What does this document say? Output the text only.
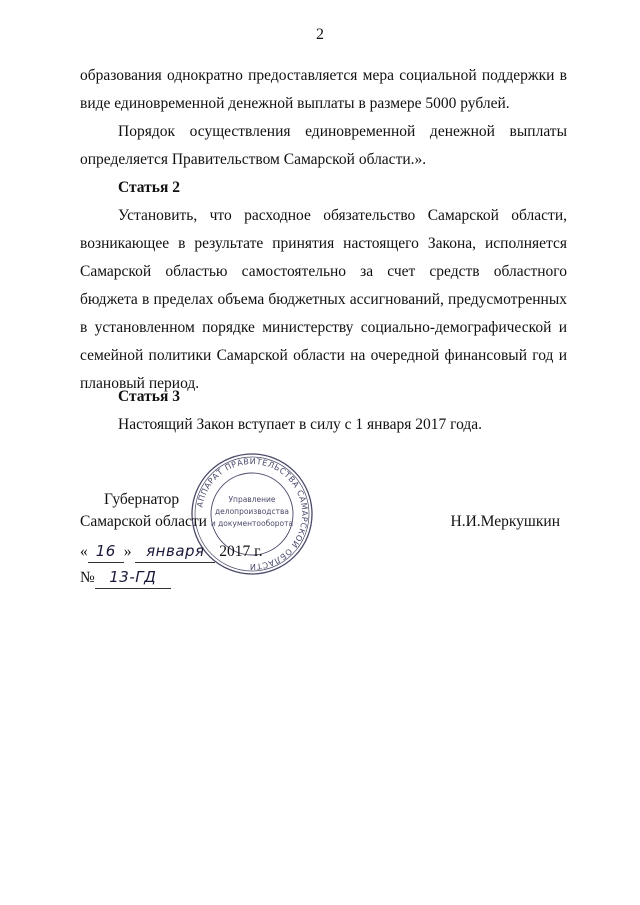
2

образования однократно предоставляется мера социальной поддержки в

виде единовременной денежной выплаты в размере 5000 рублей.

Порядок осуществления единовременной денежной выплаты

определяется Правительством Самарской области.».

Статья 2

Установить, что расходное обязательство Самарской области, возникающее в результате принятия настоящего Закона, исполняется Самарской областью самостоятельно за счет средств областного бюджета в пределах объема бюджетных ассигнований, предусмотренных в установленном порядке министерству социально-демографической и семейной политики Самарской области на очередной финансовый год и плановый период.

Статья 3

Настоящий Закон вступает в силу с 1 января 2017 года.

АППАРАТ ПРАВИТЕЛЬСТВА САМАРСКОЙ ОБЛАСТИ
Управление
делопроизводства
и документооборота
Губернатор
Самарской области	Н.И.Меркушкин
« 16 » января 2017 г.
№ 13-ГД
